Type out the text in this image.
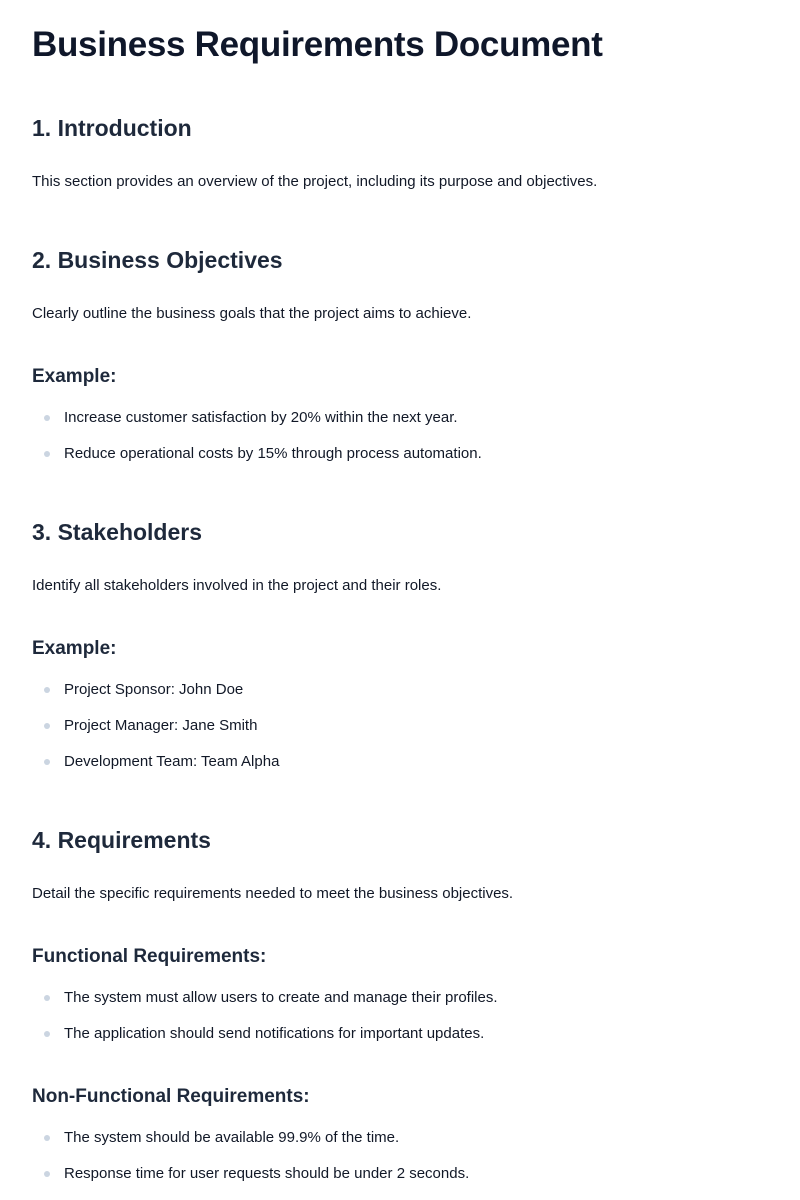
Business Requirements Document
1. Introduction

This section provides an overview of the project, including its purpose and objectives.

2. Business Objectives

Clearly outline the business goals that the project aims to achieve.

Example:

Increase customer satisfaction by 20% within the next year.

Reduce operational costs by 15% through process automation.

3. Stakeholders

Identify all stakeholders involved in the project and their roles.

Example:

Project Sponsor: John Doe

Project Manager: Jane Smith

Development Team: Team Alpha

4. Requirements

Detail the specific requirements needed to meet the business objectives.

Functional Requirements:

The system must allow users to create and manage their profiles.

The application should send notifications for important updates.

Non-Functional Requirements:

The system should be available 99.9% of the time.

Response time for user requests should be under 2 seconds.
